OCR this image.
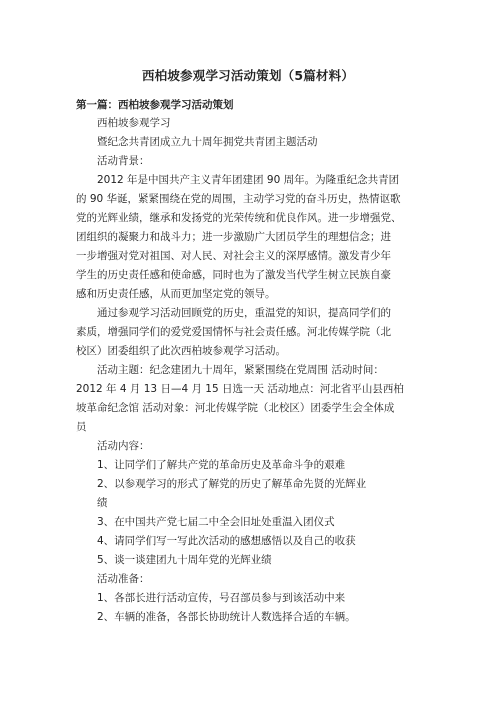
西柏坡参观学习活动策划（5篇材料）
第一篇：西柏坡参观学习活动策划
西柏坡参观学习
暨纪念共青团成立九十周年拥党共青团主题活动
活动背景：
2012 年是中国共产主义青年团建团 90 周年。为隆重纪念共青团
的 90 华诞，紧紧围绕在党的周围，主动学习党的奋斗历史，热情讴歌
党的光辉业绩，继承和发扬党的光荣传统和优良作风。进一步增强党、
团组织的凝聚力和战斗力；进一步激励广大团员学生的理想信念；进
一步增强对党对祖国、对人民、对社会主义的深厚感情。激发青少年
学生的历史责任感和使命感，同时也为了激发当代学生树立民族自豪
感和历史责任感，从而更加坚定党的领导。
通过参观学习活动回顾党的历史，重温党的知识，提高同学们的
素质，增强同学们的爱党爱国情怀与社会责任感。河北传媒学院（北
校区）团委组织了此次西柏坡参观学习活动。
活动主题：纪念建团九十周年，紧紧围绕在党周围 活动时间：
2012 年 4 月 13 日—4 月 15 日选一天 活动地点：河北省平山县西柏
坡革命纪念馆 活动对象：河北传媒学院（北校区）团委学生会全体成
员
活动内容：
1、让同学们了解共产党的革命历史及革命斗争的艰难
2、以参观学习的形式了解党的历史了解革命先贤的光辉业
绩
3、在中国共产党七届二中全会旧址处重温入团仪式
4、请同学们写一写此次活动的感想感悟以及自己的收获
5、谈一谈建团九十周年党的光辉业绩
活动准备：
1、各部长进行活动宣传，号召部员参与到该活动中来
2、车辆的准备，各部长协助统计人数选择合适的车辆。
